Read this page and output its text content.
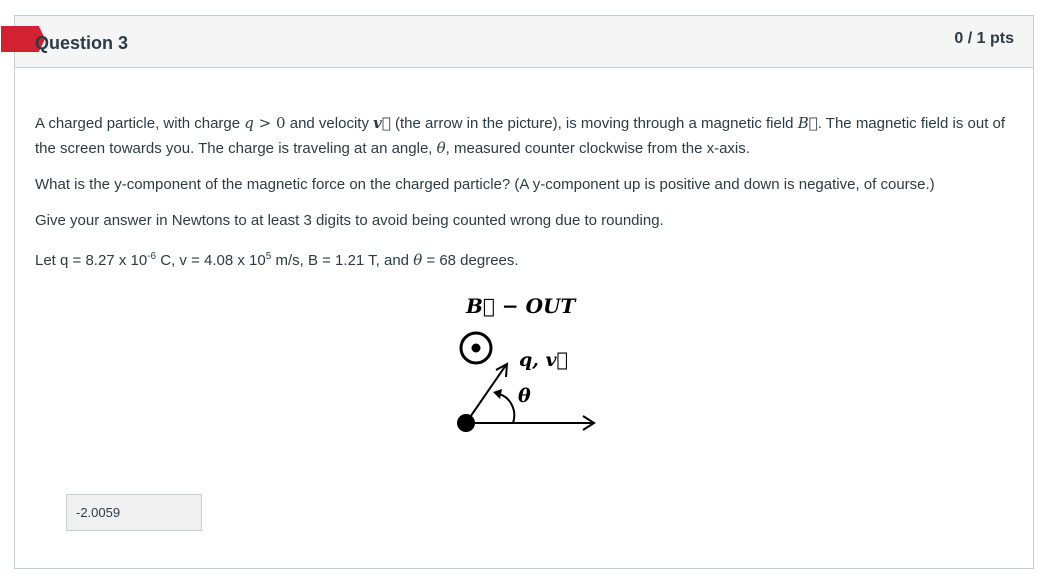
Question 3	0 / 1 pts

A charged particle, with charge q > 0 and velocity v⃗ (the arrow in the picture), is moving through a magnetic field B⃗. The magnetic field is out of the screen towards you. The charge is traveling at an angle, θ, measured counter clockwise from the x-axis.

What is the y-component of the magnetic force on the charged particle? (A y-component up is positive and down is negative, of course.)

Give your answer in Newtons to at least 3 digits to avoid being counted wrong due to rounding.

Let q = 8.27 x $10^{-6}$ C, v = 4.08 x $10^5$ m/s, B = 1.21 T, and θ = 68 degrees.

B⃗ − OUT
q, v⃗
θ
-2.0059
